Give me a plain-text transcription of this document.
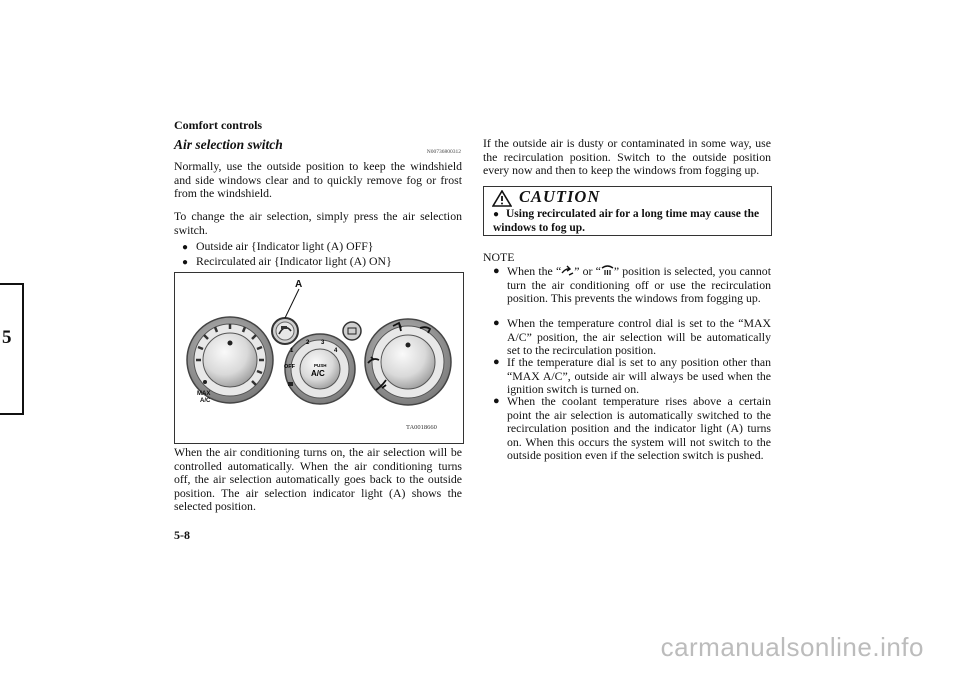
Comfort controls
5
Air selection switch	N00736800312
Normally, use the outside position to keep the windshield and side windows clear and to quickly remove fog or frost from the windshield.
To change the air selection, simply press the air selection switch.
● Outside air {Indicator light (A) OFF}
● Recirculated air {Indicator light (A) ON}
MAX
A/C
A
1
2 3
4
OFF	PUSH
A/C
TA0018660
When the air conditioning turns on, the air selection will be controlled automatically. When the air conditioning turns off, the air selection automatically goes back to the outside position. The air selection indicator light (A) shows the selected position.
If the outside air is dusty or contaminated in some way, use the recirculation position. Switch to the outside position every now and then to keep the windows from fogging up.
CAUTION
● Using recirculated air for a long time may cause the windows to fog up.
NOTE
● When the “ ” or “ ” position is selected, you cannot turn the air conditioning off or use the recirculation position. This prevents the windows from fogging up.
● When the temperature control dial is set to the “MAX A/C” position, the air selection will be automatically set to the recirculation position.
● If the temperature dial is set to any position other than “MAX A/C”, outside air will always be used when the ignition switch is turned on.
● When the coolant temperature rises above a certain point the air selection is automatically switched to the recirculation position and the indicator light (A) turns on. When this occurs the system will not switch to the outside position even if the selection switch is pushed.
5-8
carmanualsonline.info
